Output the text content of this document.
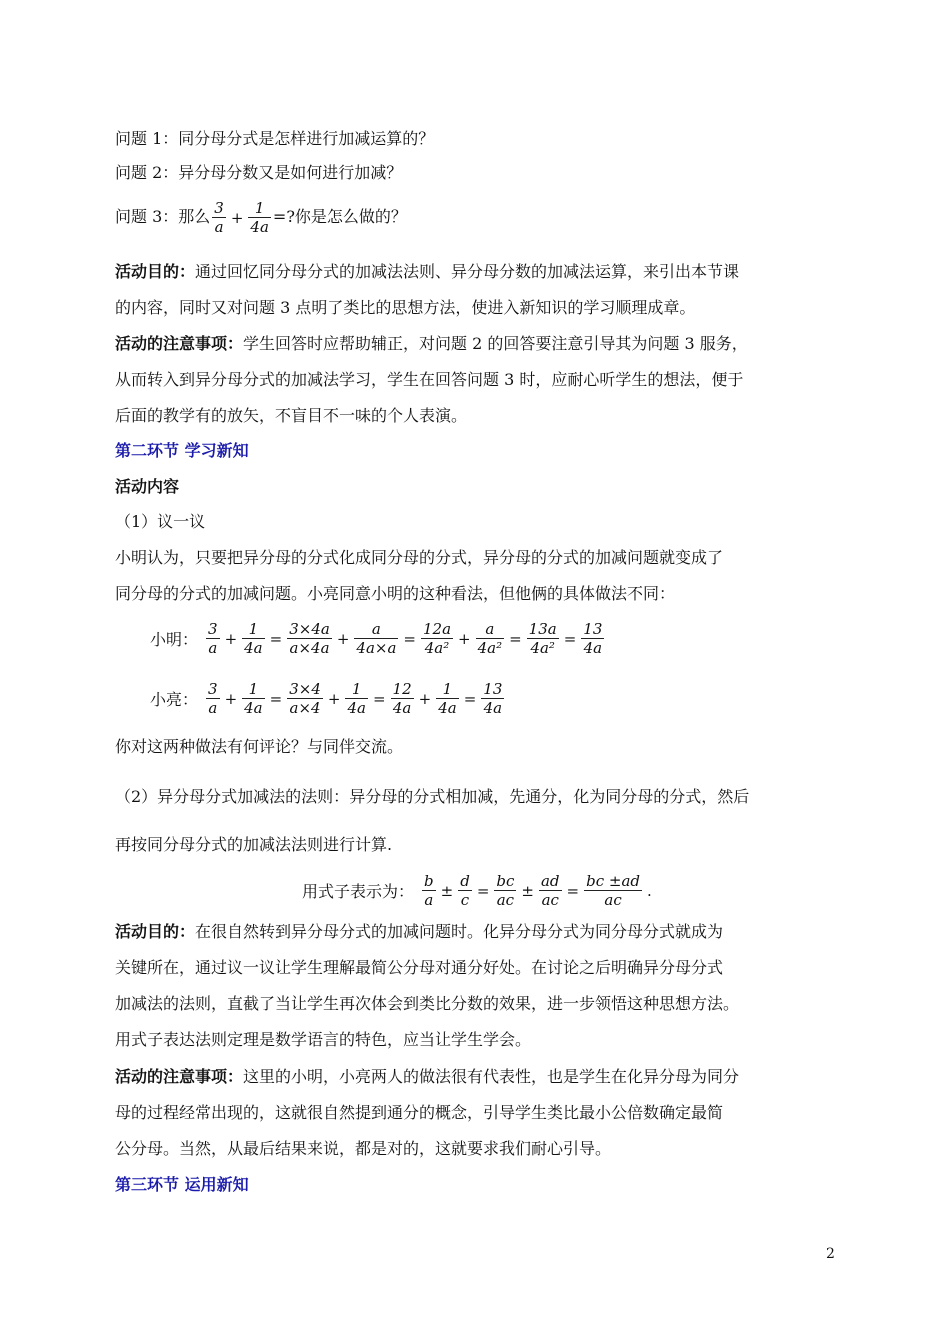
问题 1：同分母分式是怎样进行加减运算的？
问题 2：异分母分数又是如何进行加减？
问题 3：那么 $\frac{3}{a} + \frac{1}{4a}$ =?你是怎么做的？
活动目的：通过回忆同分母分式的加减法法则、异分母分数的加减法运算，来引出本节课
的内容，同时又对问题 3 点明了类比的思想方法，使进入新知识的学习顺理成章。
活动的注意事项：学生回答时应帮助辅正，对问题 2 的回答要注意引导其为问题 3 服务，
从而转入到异分母分式的加减法学习，学生在回答问题 3 时，应耐心听学生的想法，便于
后面的教学有的放矢，不盲目不一味的个人表演。
第二环节 学习新知
活动内容
（1）议一议
小明认为，只要把异分母的分式化成同分母的分式，异分母的分式的加减问题就变成了
同分母的分式的加减问题。小亮同意小明的这种看法，但他俩的具体做法不同：
小明： $\frac{3}{a} + \frac{1}{4a} = \frac{3\times 4a}{a\times 4a} + \frac{a}{4a\times a} = \frac{12a}{\text{4a²}} + \frac{a}{\text{4a²}} = \frac{13a}{\text{4a²}} = \frac{13}{4a}$
小亮： $\frac{3}{a} + \frac{1}{4a} = \frac{3\times 4}{a\times 4} + \frac{1}{4a} = \frac{12}{4a} + \frac{1}{4a} = \frac{13}{4a}$
你对这两种做法有何评论？与同伴交流。
（2）异分母分式加减法的法则：异分母的分式相加减，先通分，化为同分母的分式，然后
再按同分母分式的加减法法则进行计算.
用式子表示为： $\frac{b}{a} \pm \frac{d}{c} = \frac{bc}{ac} \pm \frac{ad}{ac} = \frac{bc \pm ad}{ac}$ .
活动目的：在很自然转到异分母分式的加减问题时。化异分母分式为同分母分式就成为
关键所在，通过议一议让学生理解最简公分母对通分好处。在讨论之后明确异分母分式
加减法的法则，直截了当让学生再次体会到类比分数的效果，进一步领悟这种思想方法。
用式子表达法则定理是数学语言的特色，应当让学生学会。
活动的注意事项：这里的小明，小亮两人的做法很有代表性，也是学生在化异分母为同分
母的过程经常出现的，这就很自然提到通分的概念，引导学生类比最小公倍数确定最简
公分母。当然，从最后结果来说，都是对的，这就要求我们耐心引导。
第三环节 运用新知
2
